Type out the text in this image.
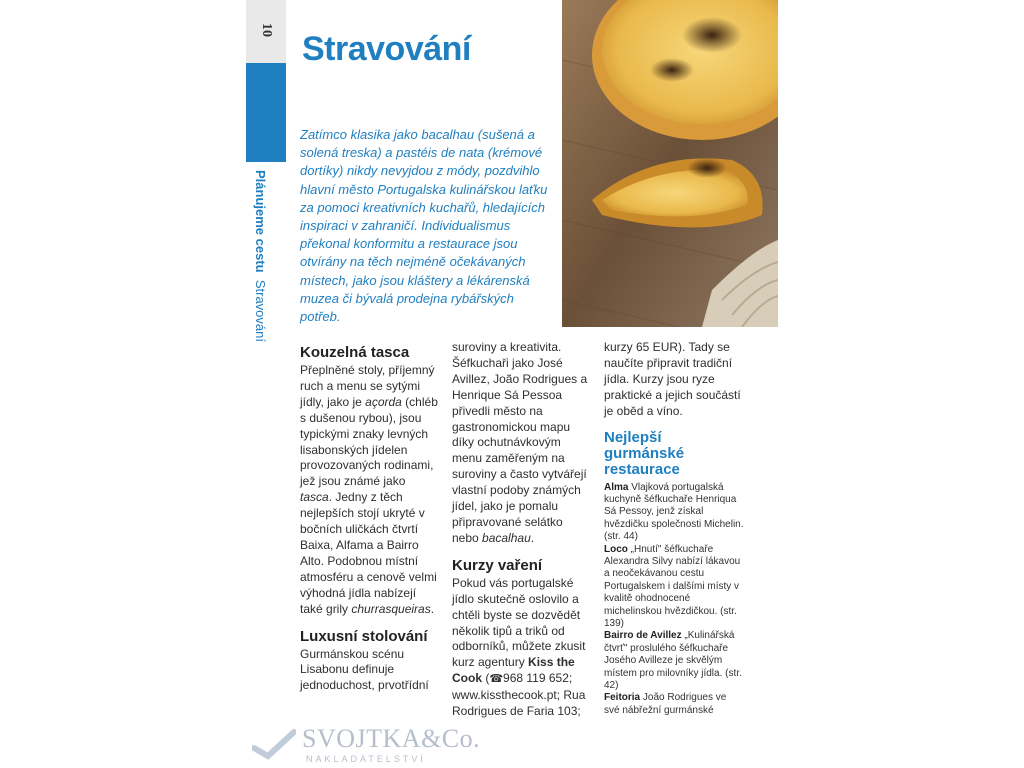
10
Plánujeme cestu  Stravování
Stravování

Zatímco klasika jako bacalhau (sušená a solená treska) a pastéis de nata (krémové dortíky) nikdy nevyjdou z módy, pozdvihlo hlavní město Portugalska kulinářskou laťku za pomoci kreativních kuchařů, hledajících inspiraci v zahraničí. Individualismus překonal konformitu a restaurace jsou otvírány na těch nejméně očekávaných místech, jako jsou kláštery a lékárenská muzea či bývalá prodejna rybářských potřeb.

Kouzelná tasca

Přeplněné stoly, příjemný ruch a menu se sytými jídly, jako je açorda (chléb s dušenou rybou), jsou typickými znaky levných lisabonských jídelen provozovaných rodinami, jež jsou známé jako tasca. Jedny z těch nejlepších stojí ukryté v bočních uličkách čtvrtí Baixa, Alfama a Bairro Alto. Podobnou místní atmosféru a cenově velmi výhodná jídla nabízejí také grily churrasqueiras.

Luxusní stolování

Gurmánskou scénu Lisabonu definuje jednoduchost, prvotřídní

suroviny a kreativita. Šéfkuchaři jako José Avillez, João Rodrigues a Henrique Sá Pessoa přivedli město na gastronomickou mapu díky ochutnávkovým menu zaměřeným na suroviny a často vytvářejí vlastní podoby známých jídel, jako je pomalu připravované selátko nebo bacalhau.

Kurzy vaření

Pokud vás portugalské jídlo skutečně oslovilo a chtěli byste se dozvědět několik tipů a triků od odborníků, můžete zkusit kurz agentury Kiss the Cook (☎968 119 652; www.kissthecook.pt; Rua Rodrigues de Faria 103;

kurzy 65 EUR). Tady se naučíte připravit tradiční jídla. Kurzy jsou ryze praktické a jejich součástí je oběd a víno.

Nejlepší gurmánské restaurace

Alma Vlajková portugalská kuchyně šéfkuchaře Henriqua Sá Pessoy, jenž získal hvězdičku společnosti Michelin. (str. 44)

Loco „Hnutí" šéfkuchaře Alexandra Silvy nabízí lákavou a neočekávanou cestu Portugalskem i dalšími místy v kvalitě ohodnocené michelinskou hvězdičkou. (str. 139)

Bairro de Avillez „Kulinářská čtvrť" proslulého šéfkuchaře Josého Avilleze je skvělým místem pro milovníky jídla. (str. 42)

Feitoria João Rodrigues ve své nábřežní gurmánské

SVOJTKA&Co.
NAKLADATELSTVÍ
